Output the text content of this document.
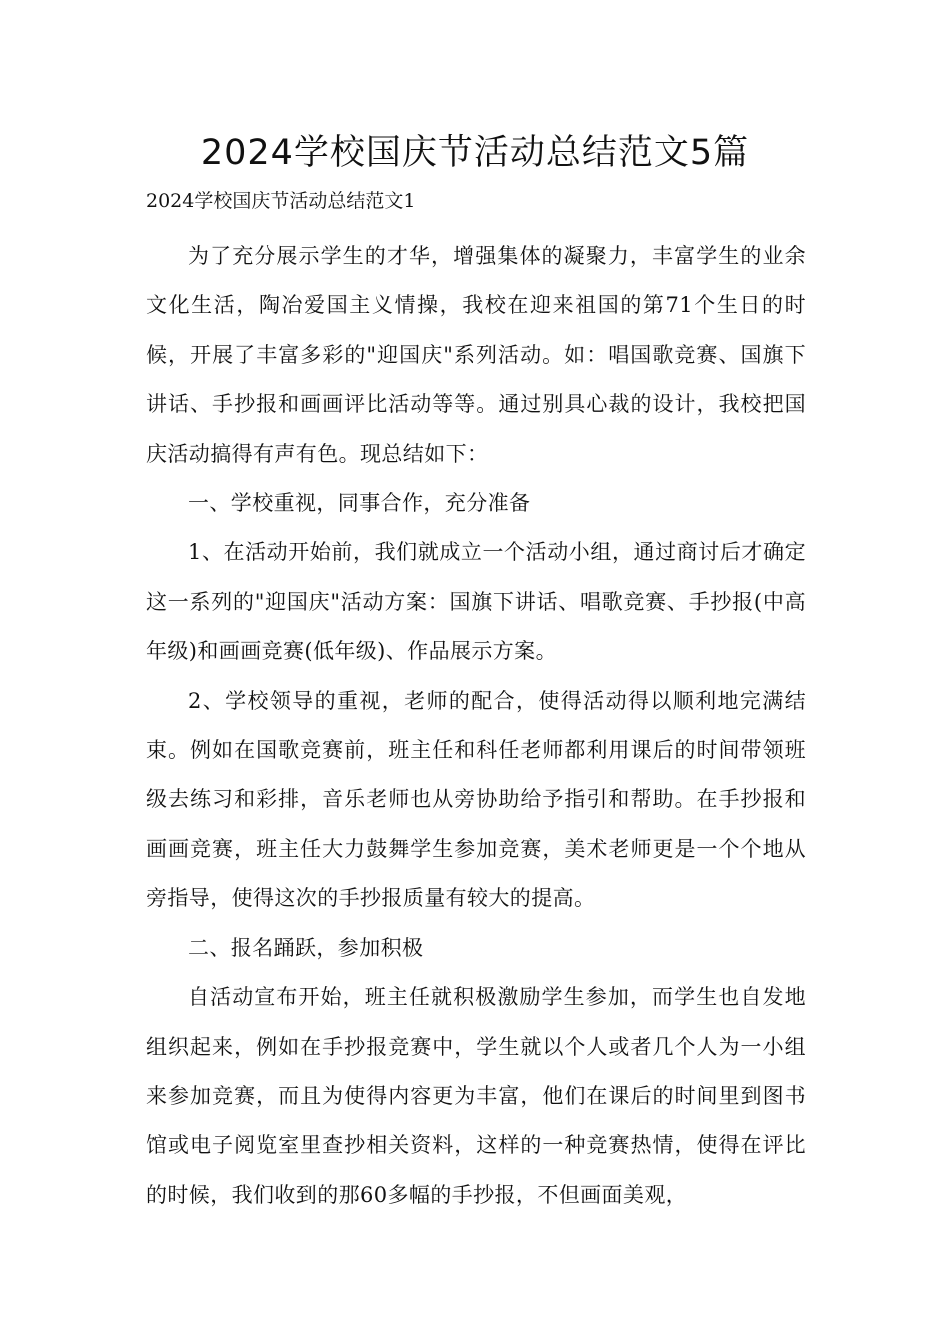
2024学校国庆节活动总结范文5篇
2024学校国庆节活动总结范文1

为了充分展示学生的才华，增强集体的凝聚力，丰富学生的业余文化生活，陶冶爱国主义情操，我校在迎来祖国的第71个生日的时候，开展了丰富多彩的"迎国庆"系列活动。如：唱国歌竞赛、国旗下讲话、手抄报和画画评比活动等等。通过别具心裁的设计，我校把国庆活动搞得有声有色。现总结如下：

一、学校重视，同事合作，充分准备

1、在活动开始前，我们就成立一个活动小组，通过商讨后才确定这一系列的"迎国庆"活动方案：国旗下讲话、唱歌竞赛、手抄报(中高年级)和画画竞赛(低年级)、作品展示方案。

2、学校领导的重视，老师的配合，使得活动得以顺利地完满结束。例如在国歌竞赛前，班主任和科任老师都利用课后的时间带领班级去练习和彩排，音乐老师也从旁协助给予指引和帮助。在手抄报和画画竞赛，班主任大力鼓舞学生参加竞赛，美术老师更是一个个地从旁指导，使得这次的手抄报质量有较大的提高。

二、报名踊跃，参加积极

自活动宣布开始，班主任就积极激励学生参加，而学生也自发地组织起来，例如在手抄报竞赛中，学生就以个人或者几个人为一小组来参加竞赛，而且为使得内容更为丰富，他们在课后的时间里到图书馆或电子阅览室里查抄相关资料，这样的一种竞赛热情，使得在评比的时候，我们收到的那60多幅的手抄报，不但画面美观，
